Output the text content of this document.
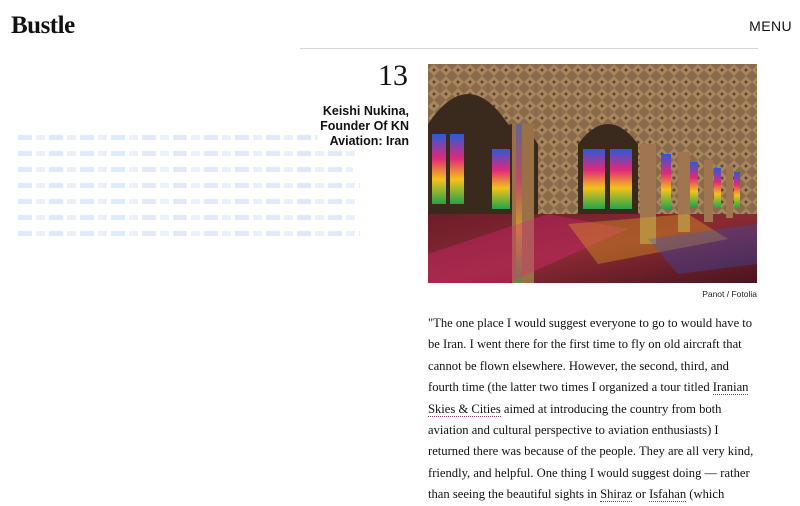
Bustle	MENU
13
Keishi Nukina,
Founder Of KN
Aviation: Iran
Panot / Fotolia
"The one place I would suggest everyone to go to would have to be Iran. I went there for the first time to fly on old aircraft that cannot be flown elsewhere. However, the second, third, and fourth time (the latter two times I organized a tour titled Iranian Skies & Cities aimed at introducing the country from both aviation and cultural perspective to aviation enthusiasts) I returned there was because of the people. They are all very kind, friendly, and helpful. One thing I would suggest doing — rather than seeing the beautiful sights in Shiraz or Isfahan (which
